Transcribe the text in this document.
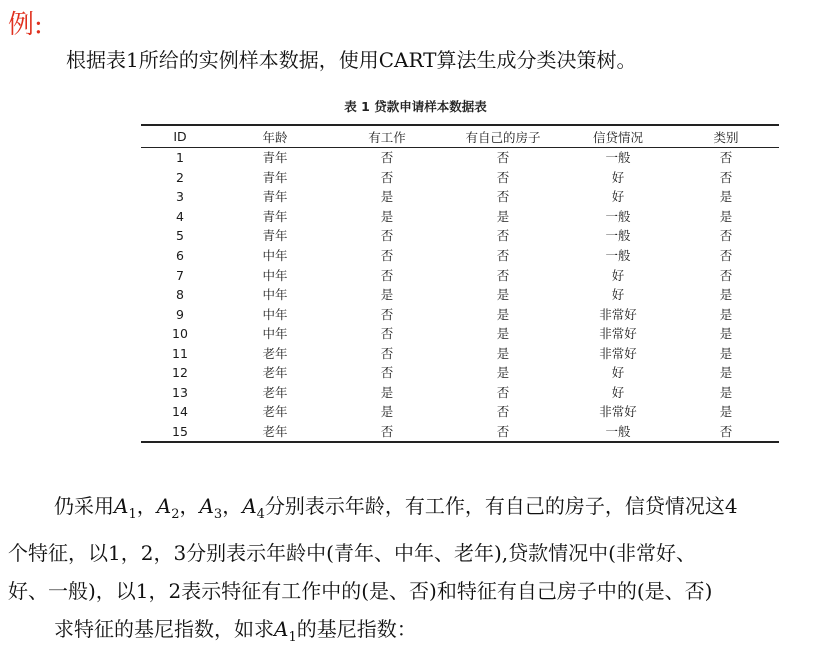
例:
根据表1所给的实例样本数据，使用CART算法生成分类决策树。
表 1 贷款申请样本数据表
ID	年龄	有工作	有自己的房子	信贷情况	类别
1	青年	否	否	一般	否
2	青年	否	否	好	否
3	青年	是	否	好	是
4	青年	是	是	一般	是
5	青年	否	否	一般	否
6	中年	否	否	一般	否
7	中年	否	否	好	否
8	中年	是	是	好	是
9	中年	否	是	非常好	是
10	中年	否	是	非常好	是
11	老年	否	是	非常好	是
12	老年	否	是	好	是
13	老年	是	否	好	是
14	老年	是	否	非常好	是
15	老年	否	否	一般	否
仍采用$A_1$，$A_2$，$A_3$，$A_4$分别表示年龄，有工作，有自己的房子，信贷情况这4
个特征，以1，2，3分别表示年龄中(青年、中年、老年),贷款情况中(非常好、
好、一般)，以1，2表示特征有工作中的(是、否)和特征有自己房子中的(是、否)
求特征的基尼指数，如求$A_1$的基尼指数：
